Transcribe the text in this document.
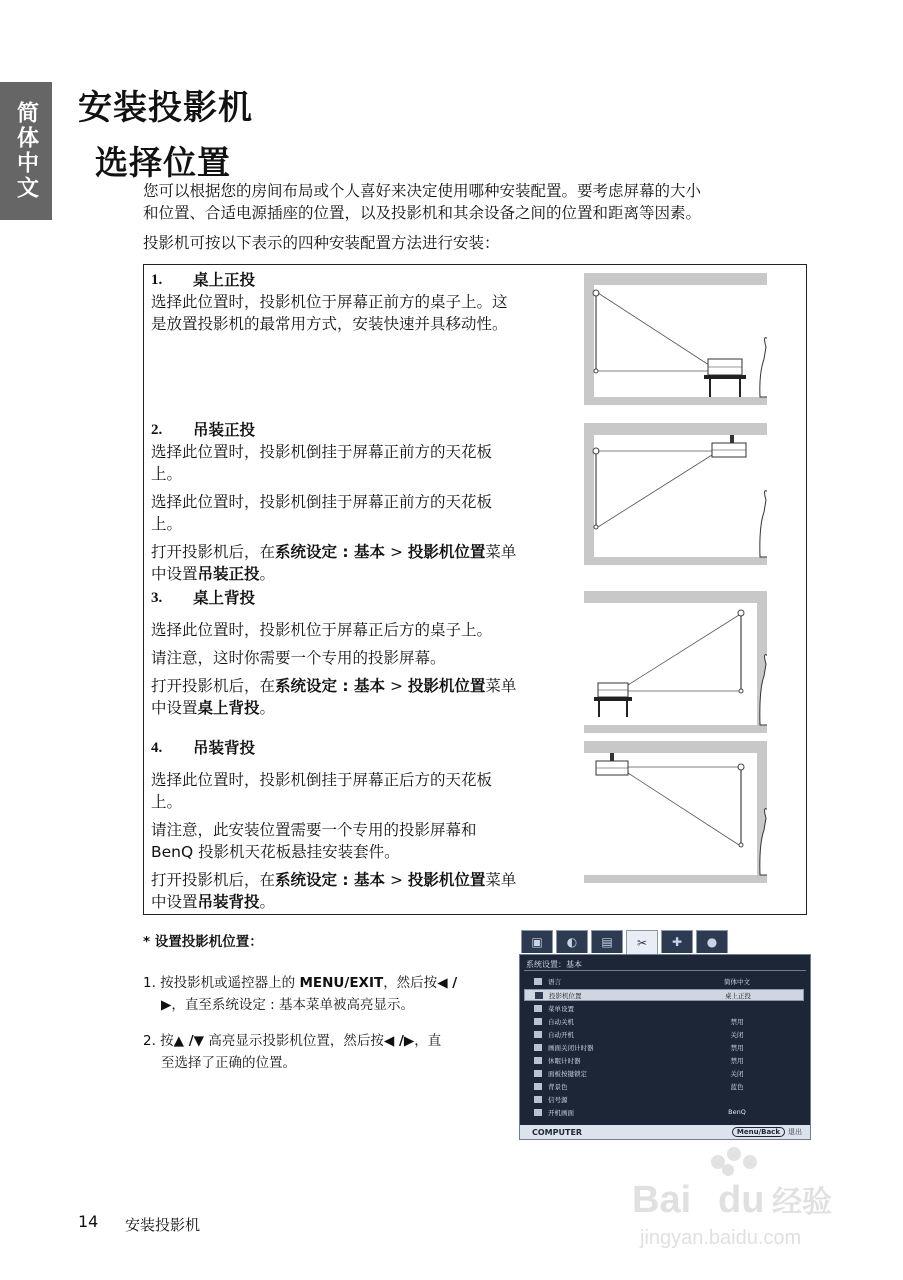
简体中文 安装投影机
选择位置

您可以根据您的房间布局或个人喜好来决定使用哪种安装配置。要考虑屏幕的大小

和位置、合适电源插座的位置，以及投影机和其余设备之间的位置和距离等因素。

投影机可按以下表示的四种安装配置方法进行安装：

1.	桌上正投

选择此位置时，投影机位于屏幕正前方的桌子上。这

是放置投影机的最常用方式，安装快速并具移动性。

2.	吊装正投

选择此位置时，投影机倒挂于屏幕正前方的天花板

上。

选择此位置时，投影机倒挂于屏幕正前方的天花板

上。

打开投影机后，在系统设定 : 基本 > 投影机位置菜单

中设置吊装正投。

3.	桌上背投

选择此位置时，投影机位于屏幕正后方的桌子上。

请注意，这时你需要一个专用的投影屏幕。

打开投影机后，在系统设定 : 基本 > 投影机位置菜单

中设置桌上背投。

4.	吊装背投

选择此位置时，投影机倒挂于屏幕正后方的天花板

上。

请注意，此安装位置需要一个专用的投影屏幕和

BenQ 投影机天花板悬挂安装套件。

打开投影机后，在系统设定 : 基本 > 投影机位置菜单

中设置吊装背投。

* 设置投影机位置：

1. 按投影机或遥控器上的 MENU/EXIT，然后按◀ /

▶，直至系统设定 : 基本菜单被高亮显示。

2. 按▲ /▼ 高亮显示投影机位置，然后按◀ /▶，直

至选择了正确的位置。

▣	◐	▤	✂	✚	●
系统设置：基本
语言	简体中文
投影机位置	桌上正投
菜单设置
自动关机	禁用
自动开机	关闭
画面关闭计时器	禁用
休眠计时器	禁用
面板按键锁定	关闭
背景色	蓝色
信号源
开机画面	BenQ
COMPUTER	Menu/Back	退出
14 安装投影机
Bai du 经验
jingyan.baidu.com
